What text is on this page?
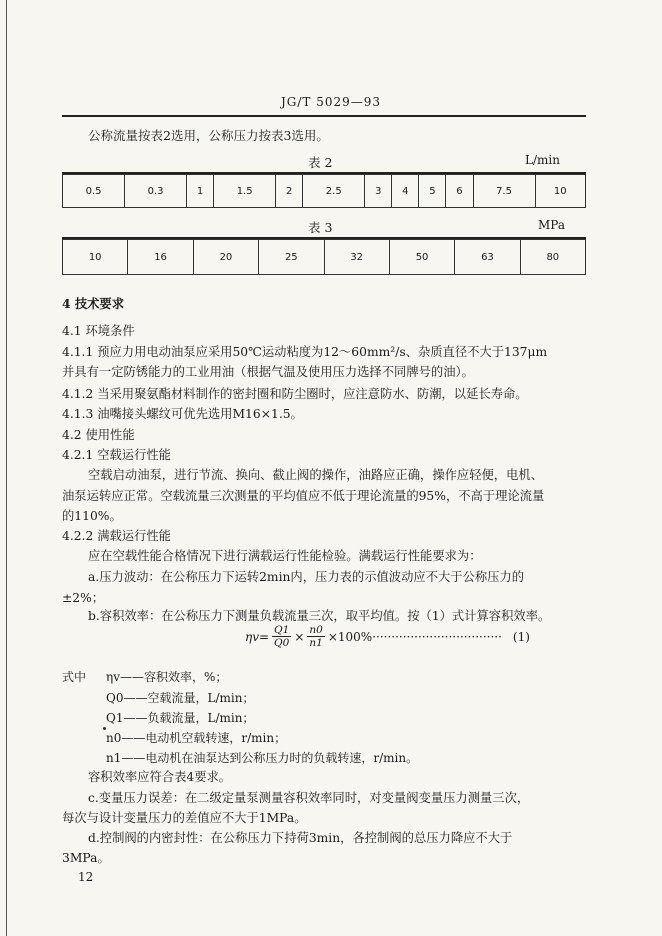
JG/T 5029—93
公称流量按表2选用，公称压力按表3选用。
表 2	L/min
0.5	0.3	1	1.5	2	2.5	3	4	5	6	7.5	10
表 3	MPa
10	16	20	25	32	50	63	80
4 技术要求
4.1 环境条件
4.1.1 预应力用电动油泵应采用50℃运动粘度为12～60mm²/s、杂质直径不大于137μm
并具有一定防锈能力的工业用油（根据气温及使用压力选择不同牌号的油）。
4.1.2 当采用聚氨酯材料制作的密封圈和防尘圈时，应注意防水、防潮，以延长寿命。
4.1.3 油嘴接头螺纹可优先选用M16×1.5。
4.2 使用性能
4.2.1 空载运行性能
空载启动油泵，进行节流、换向、截止阀的操作，油路应正确，操作应轻便，电机、
油泵运转应正常。空载流量三次测量的平均值应不低于理论流量的95%，不高于理论流量
的110%。
4.2.2 满载运行性能
应在空载性能合格情况下进行满载运行性能检验。满载运行性能要求为：
a.压力波动：在公称压力下运转2min内，压力表的示值波动应不大于公称压力的
±2%；
b.容积效率：在公称压力下测量负载流量三次，取平均值。按（1）式计算容积效率。
$\eta v= \frac{Q1}{Q0} \times \frac{n0}{n1} \times 100\%\cdot\cdot\cdot\cdot\cdot\cdot\cdot\cdot\cdot\cdot\cdot\cdot\cdot\cdot\cdot\cdot\cdot\cdot\cdot\cdot\cdot\cdot\cdot\cdot\cdot\cdot\cdot\cdot\cdot\cdot\cdot\cdot\cdot\cdot (1)$
式中 ηv——容积效率，%；
Q0——空载流量，L/min；
Q1——负载流量，L/min；
n0——电动机空载转速，r/min；
n1——电动机在油泵达到公称压力时的负载转速，r/min。
容积效率应符合表4要求。
c.变量压力误差：在二级定量泵测量容积效率同时，对变量阀变量压力测量三次，
每次与设计变量压力的差值应不大于1MPa。
d.控制阀的内密封性：在公称压力下持荷3min，各控制阀的总压力降应不大于
3MPa。
12
